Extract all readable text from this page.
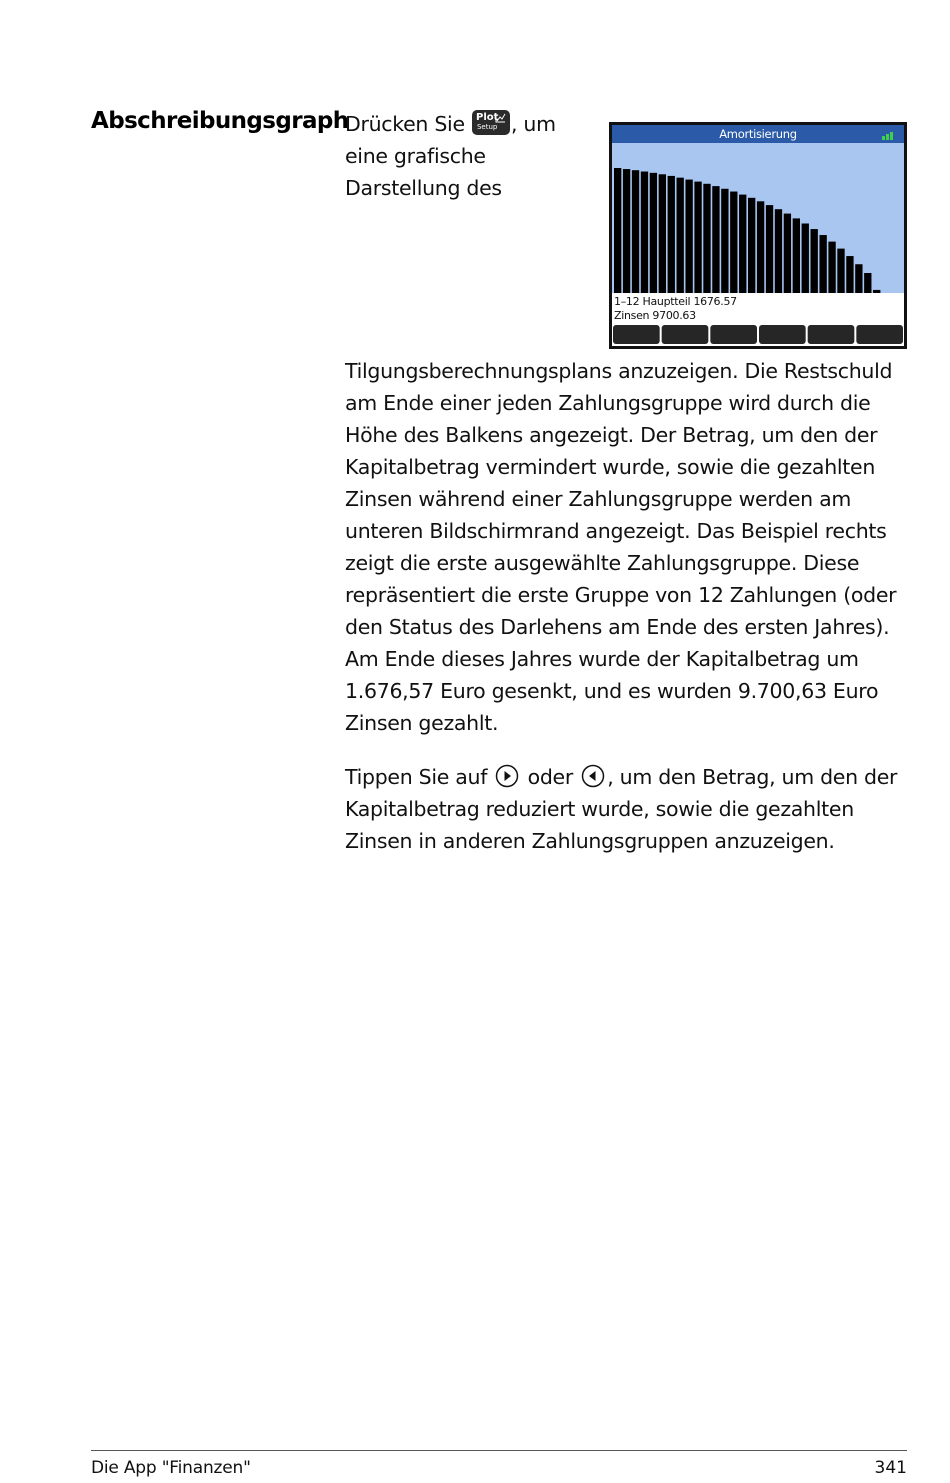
Abschreibungsgraph	Amortisierung
1–12 Hauptteil 1676.57
Zinsen 9700.63
Drücken Sie Plot
Setup , um eine grafische Darstellung des Tilgungsberechnungsplans anzuzeigen. Die Restschuld am Ende einer jeden Zahlungsgruppe wird durch die Höhe des Balkens angezeigt. Der Betrag, um den der Kapitalbetrag vermindert wurde, sowie die gezahlten Zinsen während einer Zahlungsgruppe werden am unteren Bildschirmrand angezeigt. Das Beispiel rechts zeigt die erste ausgewählte Zahlungsgruppe. Diese repräsentiert die erste Gruppe von 12 Zahlungen (oder den Status des Darlehens am Ende des ersten Jahres). Am Ende dieses Jahres wurde der Kapitalbetrag um 1.676,57 Euro gesenkt, und es wurden 9.700,63 Euro Zinsen gezahlt.

Tippen Sie auf  oder , um den Betrag, um den der Kapitalbetrag reduziert wurde, sowie die gezahlten Zinsen in anderen Zahlungsgruppen anzuzeigen.

Die App "Finanzen"	341
